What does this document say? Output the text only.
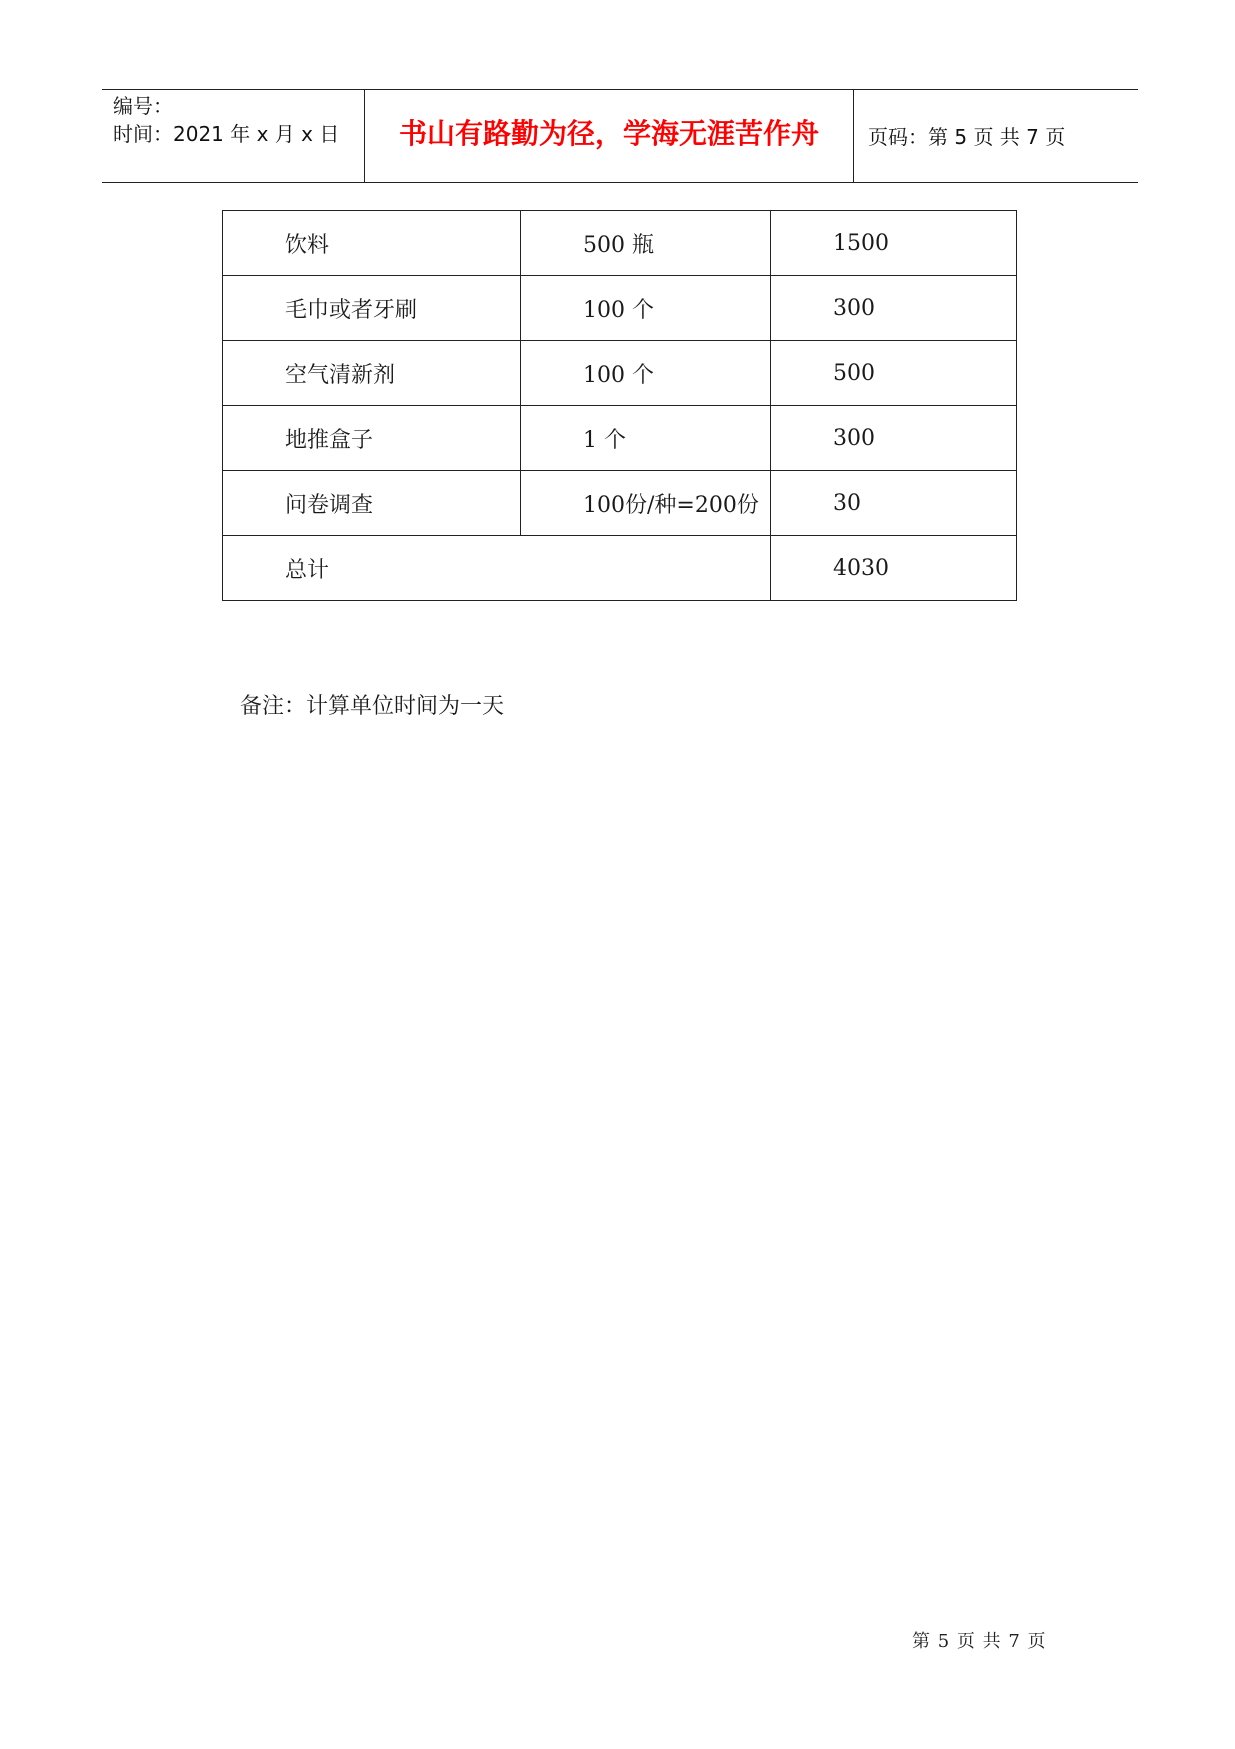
编号：
时间：2021 年 x 月 x 日	书山有路勤为径，学海无涯苦作舟	页码：第 5 页 共 7 页
饮料	500 瓶	1500
毛巾或者牙刷	100 个	300
空气清新剂	100 个	500
地推盒子	1 个	300
问卷调查	100份/种=200份	30
总计		4030
备注：计算单位时间为一天
第 5 页 共 7 页
